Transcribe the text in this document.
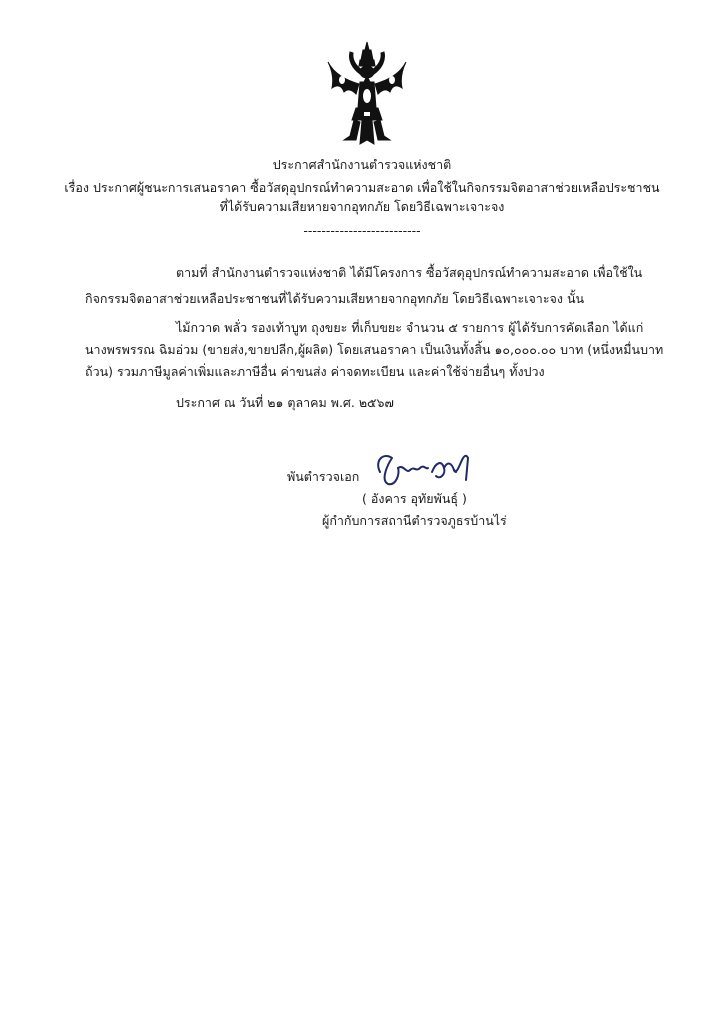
ประกาศสำนักงานตำรวจแห่งชาติ
เรื่อง ประกาศผู้ชนะการเสนอราคา ซื้อวัสดุอุปกรณ์ทำความสะอาด เพื่อใช้ในกิจกรรมจิตอาสาช่วยเหลือประชาชน
ที่ได้รับความเสียหายจากอุทกภัย โดยวิธีเฉพาะเจาะจง
--------------------------
ตามที่ สำนักงานตำรวจแห่งชาติ ได้มีโครงการ ซื้อวัสดุอุปกรณ์ทำความสะอาด เพื่อใช้ใน
กิจกรรมจิตอาสาช่วยเหลือประชาชนที่ได้รับความเสียหายจากอุทกภัย โดยวิธีเฉพาะเจาะจง นั้น
ไม้กวาด พลั่ว รองเท้าบูท ถุงขยะ ที่เก็บขยะ จำนวน ๕ รายการ ผู้ได้รับการคัดเลือก ได้แก่
นางพรพรรณ ฉิมอ่วม (ขายส่ง,ขายปลีก,ผู้ผลิต) โดยเสนอราคา เป็นเงินทั้งสิ้น ๑๐,๐๐๐.๐๐ บาท (หนึ่งหมื่นบาท
ถ้วน) รวมภาษีมูลค่าเพิ่มและภาษีอื่น ค่าขนส่ง ค่าจดทะเบียน และค่าใช้จ่ายอื่นๆ ทั้งปวง
ประกาศ ณ วันที่ ๒๑ ตุลาคม พ.ศ. ๒๕๖๗
พันตำรวจเอก
( อังคาร อุทัยพันธุ์ )
ผู้กำกับการสถานีตำรวจภูธรบ้านไร่
